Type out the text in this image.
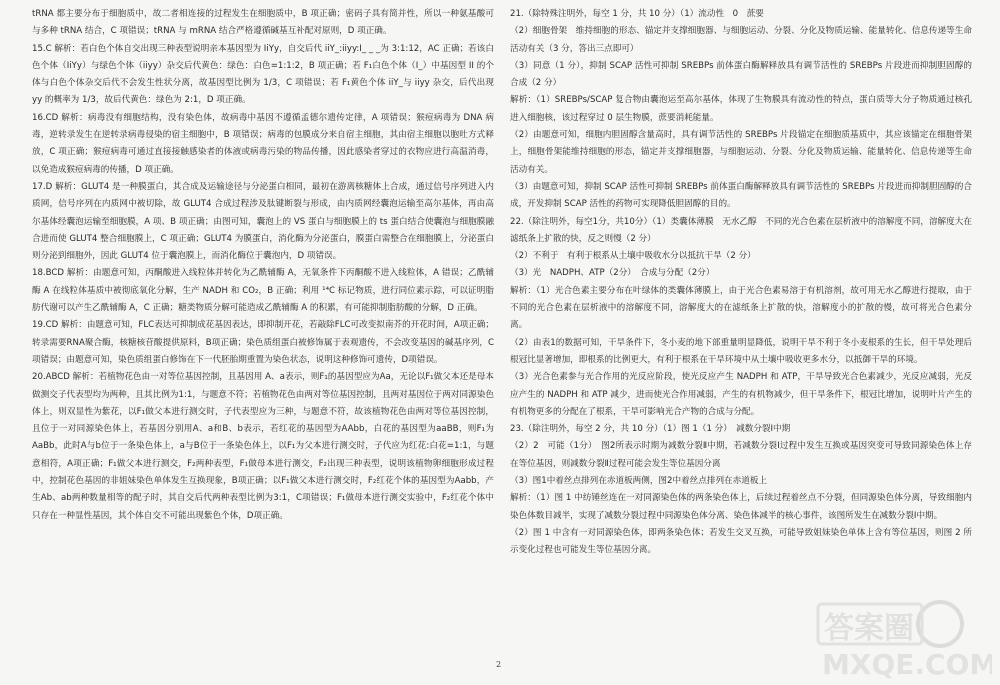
tRNA 都主要分布于细胞质中，故二者相连接的过程发生在细胞质中，B 项正确；密码子具有简并性，所以一种氨基酸可与多种 tRNA 结合，C 项错误；tRNA 与 mRNA 结合严格遵循碱基互补配对原则，D 项正确。

15.C 解析：若白色个体自交出现三种表型说明亲本基因型为 IiYy，自交后代 iiY_:iiyy:I_ _ _为 3:1:12，AC 正确；若该白色个体（IiYy）与绿色个体（iiyy）杂交后代黄色：绿色：白色=1:1:2，B 项正确；若 F₁白色个体（I_）中基因型 II 的个体与白色个体杂交后代不会发生性状分离，故基因型比例为 1/3，C 项错误；若 F₁黄色个体 iiY_与 iiyy 杂交，后代出现 yy 的概率为 1/3，故后代黄色：绿色为 2:1，D 项正确。

16.CD 解析：病毒没有细胞结构，没有染色体，故病毒中基因不遵循孟德尔遗传定律，A 项错误；猴痘病毒为 DNA 病毒，逆转录发生在逆转录病毒侵染的宿主细胞中，B 项错误；病毒的包膜成分来自宿主细胞，其由宿主细胞以胞吐方式释放，C 项正确；猴痘病毒可通过直接接触感染者的体液或病毒污染的物品传播，因此感染者穿过的衣物应进行高温消毒，以免造成猴痘病毒的传播，D 项正确。

17.D 解析：GLUT4 是一种膜蛋白，其合成及运输途径与分泌蛋白相同，最初在游离核糖体上合成，通过信号序列进入内质网，信号序列在内质网中被切除，故 GLUT4 合成过程涉及肽键断裂与形成，由内质网经囊泡运输至高尔基体，再由高尔基体经囊泡运输至细胞膜，A 项、B 项正确；由图可知，囊泡上的 VS 蛋白与细胞膜上的 ts 蛋白结合使囊泡与细胞膜融合进而使 GLUT4 整合细胞膜上，C 项正确；GLUT4 为膜蛋白，消化酶为分泌蛋白，膜蛋白需整合在细胞膜上，分泌蛋白则分泌到细胞外，因此 GLUT4 位于囊泡膜上，而消化酶位于囊泡内，D 项错误。

18.BCD 解析：由题意可知，丙酮酸进入线粒体并转化为乙酰辅酶 A，无氧条件下丙酮酸不进入线粒体，A 错误；乙酰辅酶 A 在线粒体基质中被彻底氧化分解，生产 NADH 和 CO₂，B 正确；利用 ¹⁴C 标记物质，进行同位素示踪，可以证明脂肪代谢可以产生乙酰辅酶 A，C 正确；糖类物质分解可能造成乙酰辅酶 A 的积累，有可能抑制脂肪酸的分解，D 正确。

19.CD 解析：由题意可知，FLC表达可抑制成花基因表达，即抑制开花，若敲除FLC可改变拟南芥的开花时间，A项正确；转录需要RNA聚合酶，核糖核苷酸提供原料，B项正确；染色质组蛋白被修饰属于表观遗传，不会改变基因的碱基序列，C项错误；由题意可知，染色质组蛋白修饰在下一代胚胎期重置为染色状态，说明这种修饰可遗传，D项错误。

20.ABCD 解析：若植物花色由一对等位基因控制，且基因用 A、a表示，则F₁的基因型应为Aa，无论以F₁做父本还是母本做测交子代表型均为两种，且其比例为1:1，与题意不符；若植物花色由两对等位基因控制，且两对基因位于两对同源染色体上，则双显性为紫花，以F₁做父本进行测交时，子代表型应为三种，与题意不符，故该植物花色由两对等位基因控制，且位于一对同源染色体上，若基因分别用A、a和B、b表示，若红花的基因型为AAbb，白花的基因型为aaBB，则F₁为AaBb，此时A与b位于一条染色体上，a与B位于一条染色体上，以F₁为父本进行测交时，子代应为红花:白花=1:1，与题意相符，A项正确；F₁做父本进行测交，F₂两种表型，F₁做母本进行测交，F₂出现三种表型，说明该植物卵细胞形成过程中，控制花色基因的非姐妹染色单体发生互换现象，B项正确；以F₁做父本进行测交时，F₂红花个体的基因型为Aabb，产生Ab、ab两种数量相等的配子时，其自交后代两种表型比例为3:1，C项错误；F₁做母本进行测交实验中，F₂红花个体中只存在一种显性基因，其个体自交不可能出现紫色个体，D项正确。

21.（除特殊注明外，每空 1 分，共 10 分）（1）流动性　0　蔗要

（2）细胞骨架　维持细胞的形态、锚定并支撑细胞器、与细胞运动、分裂、分化及物质运输、能量转化、信息传递等生命活动有关（3 分，答出三点即可）

（3）同意（1 分），抑制 SCAP 活性可抑制 SREBPs 前体蛋白酶解释放具有调节活性的 SREBPs 片段进而抑制胆固醇的合成（2 分）

解析：（1）SREBPs/SCAP 复合物由囊泡运至高尔基体，体现了生物膜具有流动性的特点，蛋白质等大分子物质通过核孔进入细胞核，该过程穿过 0 层生物膜，蔗要消耗能量。

（2）由题意可知，细胞内胆固醇含量高时，具有调节活性的 SREBPs 片段锚定在细胞质基质中，其应该锚定在细胞骨架上，细胞骨架能维持细胞的形态，锚定并支撑细胞器，与细胞运动、分裂、分化及物质运输、能量转化、信息传递等生命活动有关。

（3）由题意可知，抑制 SCAP 活性可抑制 SREBPs 前体蛋白酶解释放具有调节活性的 SREBPs 片段进而抑制胆固醇的合成，开发抑制 SCAP 活性的药物可实现降低胆固醇的目的。

22.（除注明外，每空1分，共10分）（1）类囊体薄膜　无水乙醇　不同的光合色素在层析液中的溶解度不同，溶解度大在滤纸条上扩散的快，反之则慢（2 分）

（2）不利于　有利于根系从土壤中吸收水分以抵抗干旱（2 分）

（3）光　NADPH、ATP（2分）　合成与分配（2分）

解析：（1）光合色素主要分布在叶绿体的类囊体薄膜上，由于光合色素易溶于有机溶剂，故可用无水乙醇进行提取，由于不同的光合色素在层析液中的溶解度不同，溶解度大的在滤纸条上扩散的快，溶解度小的扩散的慢，故可将光合色素分离。

（2）由表1的数据可知，干旱条件下，冬小麦的地下部重量明显降低，说明干旱不利于冬小麦根系的生长，但干旱处理后根冠比显著增加，即根系的比例更大，有利于根系在干旱环境中从土壤中吸收更多水分，以抵御干旱的环境。

（3）光合色素参与光合作用的光反应阶段，使光反应产生 NADPH 和 ATP，干旱导致光合色素减少，光反应减弱，光反应产生的 NADPH 和 ATP 减少，进而使光合作用减弱，产生的有机物减少，但干旱条件下，根冠比增加，说明叶片产生的有机物更多的分配在了根系，干旱可影响光合产物的合成与分配。

23.（除注明外，每空 2 分，共 10 分）（1）图 1（1 分）　减数分裂Ⅰ中期

（2）2　可能（1分）　图2所表示时期为减数分裂Ⅱ中期，若减数分裂Ⅰ过程中发生互换或基因突变可导致同源染色体上存在等位基因，则减数分裂Ⅱ过程可能会发生等位基因分离

（3）图1中着丝点排列在赤道板两侧，图2中着丝点排列在赤道板上

解析：（1）图 1 中纺锤丝连在一对同源染色体的两条染色体上，后续过程着丝点不分裂，但同源染色体分离，导致细胞内染色体数目减半，实现了减数分裂过程中同源染色体分离、染色体减半的核心事件，该图所发生在减数分裂Ⅰ中期。

（2）图 1 中含有一对同源染色体，即两条染色体；若发生交叉互换，可能导致姐妹染色单体上含有等位基因，则图 2 所示变化过程也可能发生等位基因分离。

2
答案圈
MXQE.COM
